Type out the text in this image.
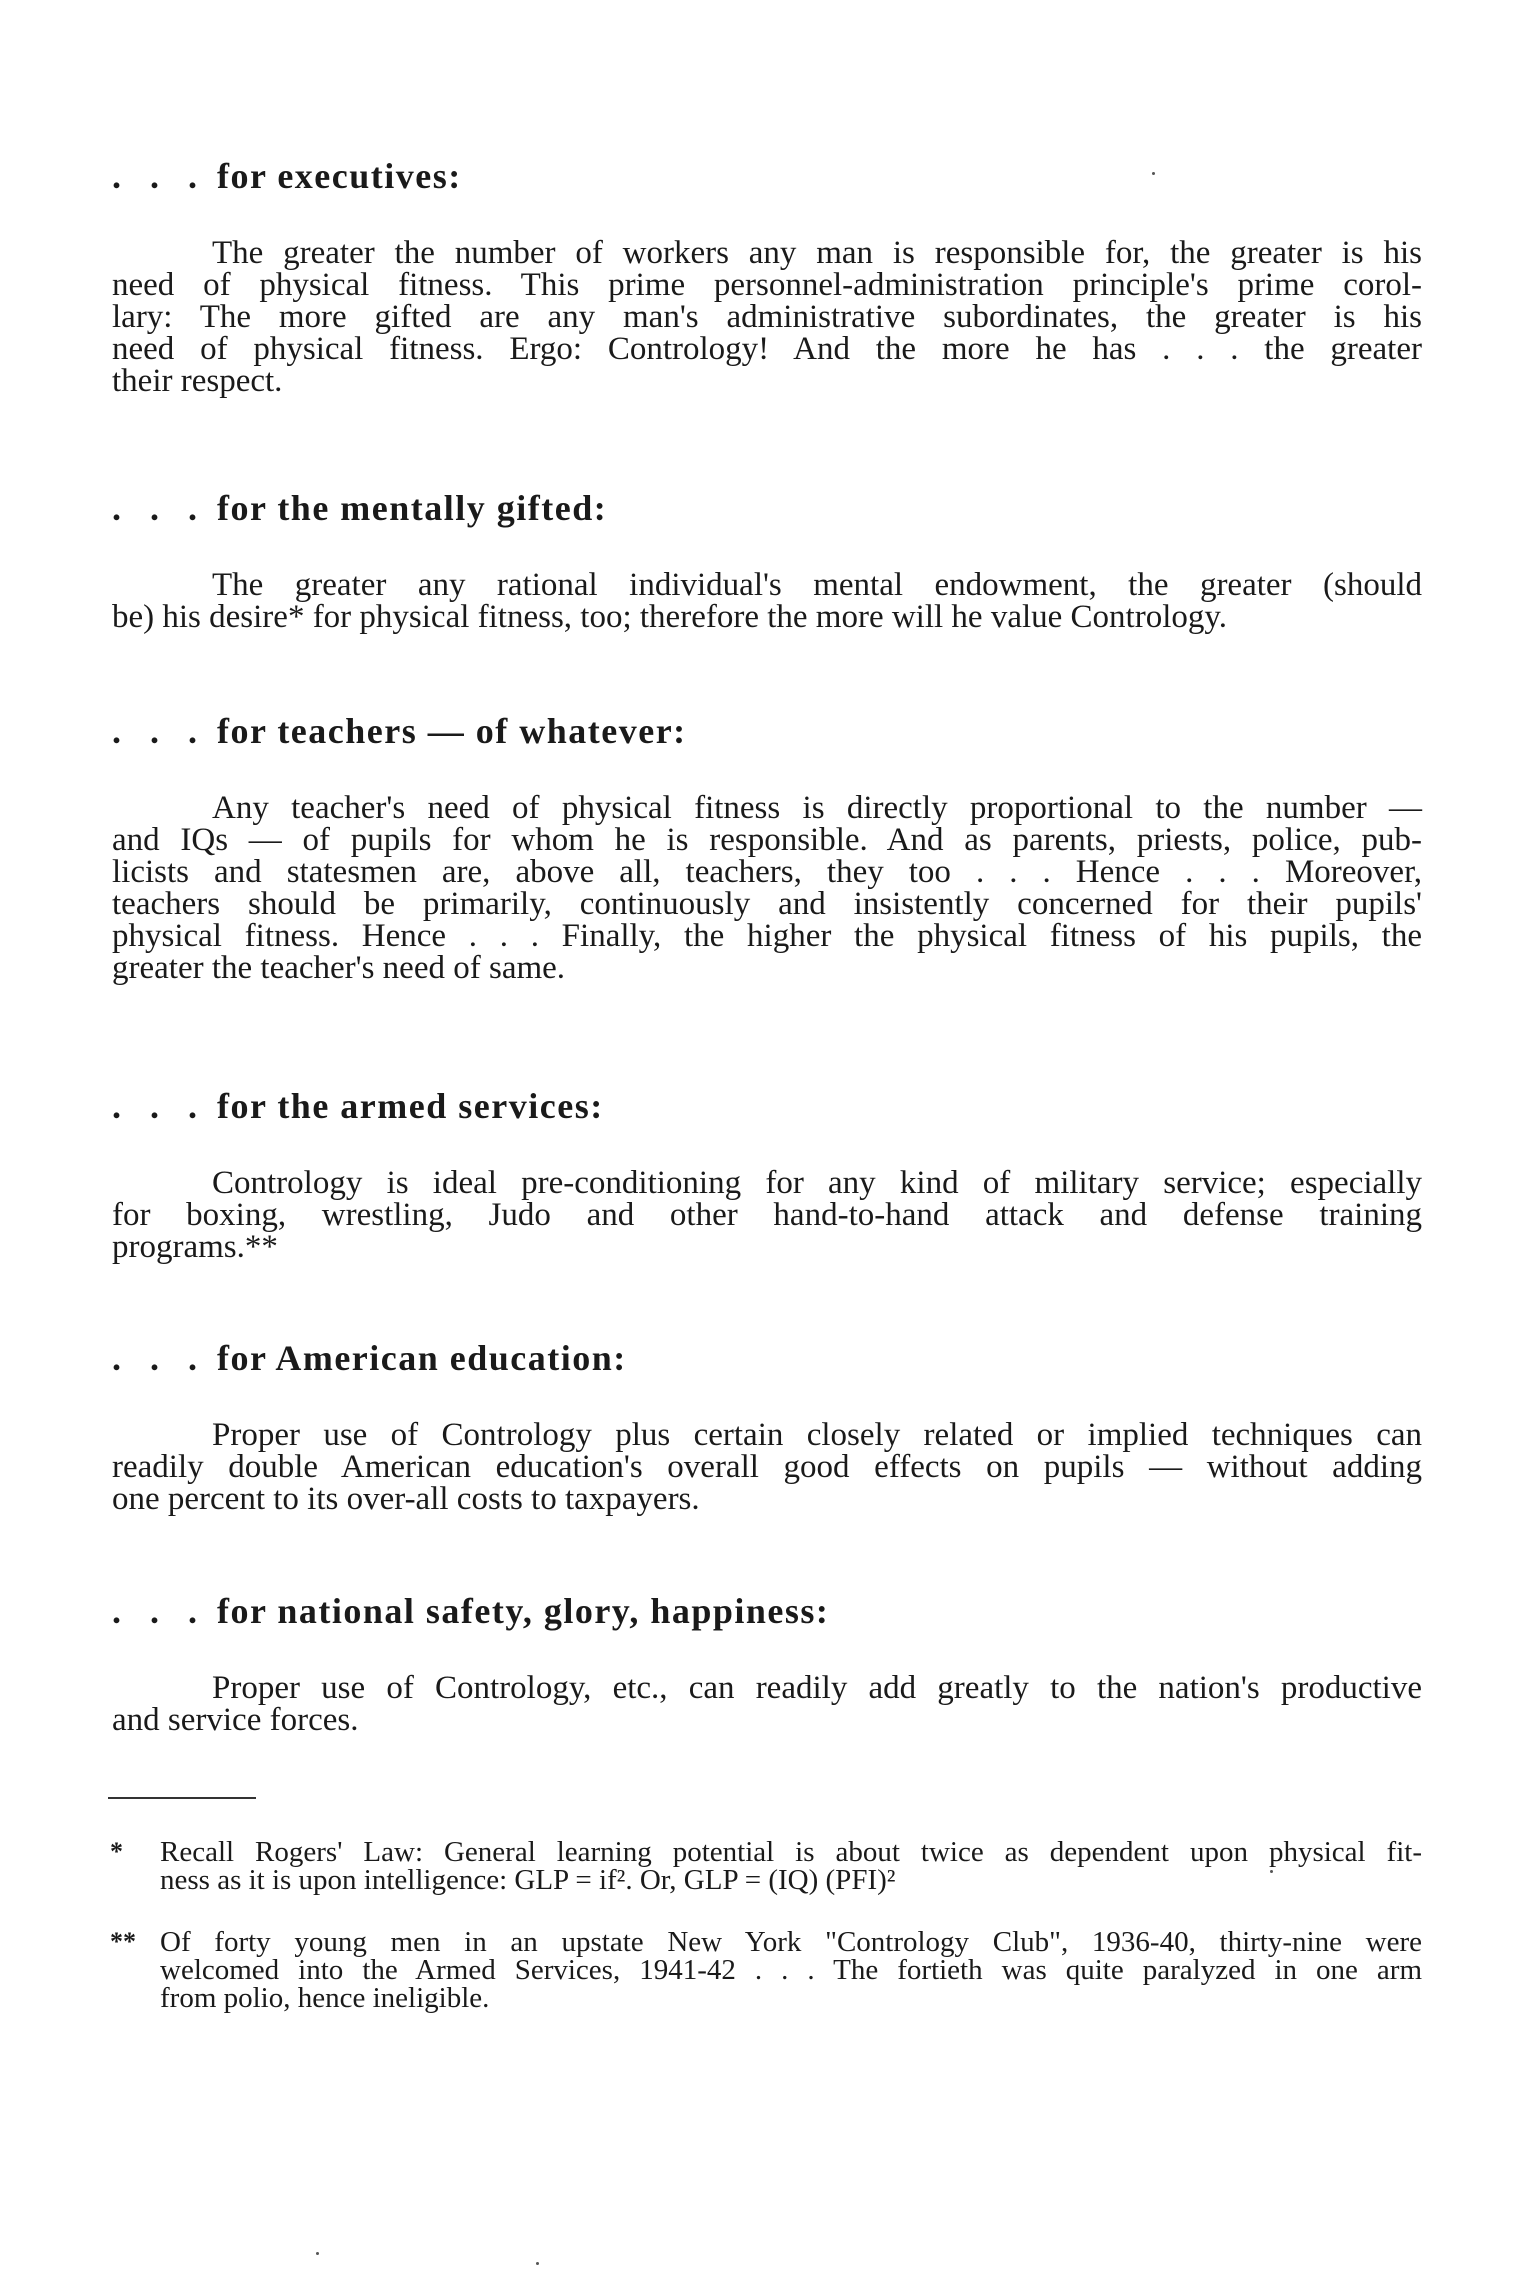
. . . for executives:

The greater the number of workers any man is responsible for, the greater is his
need of physical fitness. This prime personnel-administration principle's prime corol-
lary: The more gifted are any man's administrative subordinates, the greater is his
need of physical fitness. Ergo: Contrology! And the more he has . . . the greater
their respect.

. . . for the mentally gifted:

The greater any rational individual's mental endowment, the greater (should
be) his desire* for physical fitness, too; therefore the more will he value Contrology.

. . . for teachers — of whatever:

Any teacher's need of physical fitness is directly proportional to the number —
and IQs — of pupils for whom he is responsible. And as parents, priests, police, pub-
licists and statesmen are, above all, teachers, they too . . . Hence . . . Moreover,
teachers should be primarily, continuously and insistently concerned for their pupils'
physical fitness. Hence . . . Finally, the higher the physical fitness of his pupils, the
greater the teacher's need of same.

. . . for the armed services:

Contrology is ideal pre-conditioning for any kind of military service; especially
for boxing, wrestling, Judo and other hand-to-hand attack and defense training
programs.**

. . . for American education:

Proper use of Contrology plus certain closely related or implied techniques can
readily double American education's overall good effects on pupils — without adding
one percent to its over-all costs to taxpayers.

. . . for national safety, glory, happiness:

Proper use of Contrology, etc., can readily add greatly to the nation's productive
and service forces.

* Recall Rogers' Law: General learning potential is about twice as dependent upon physical fit-
ness as it is upon intelligence: GLP = if². Or, GLP = (IQ) (PFI)²
** Of forty young men in an upstate New York "Contrology Club", 1936-40, thirty-nine were
welcomed into the Armed Services, 1941-42 . . . The fortieth was quite paralyzed in one arm
from polio, hence ineligible.
